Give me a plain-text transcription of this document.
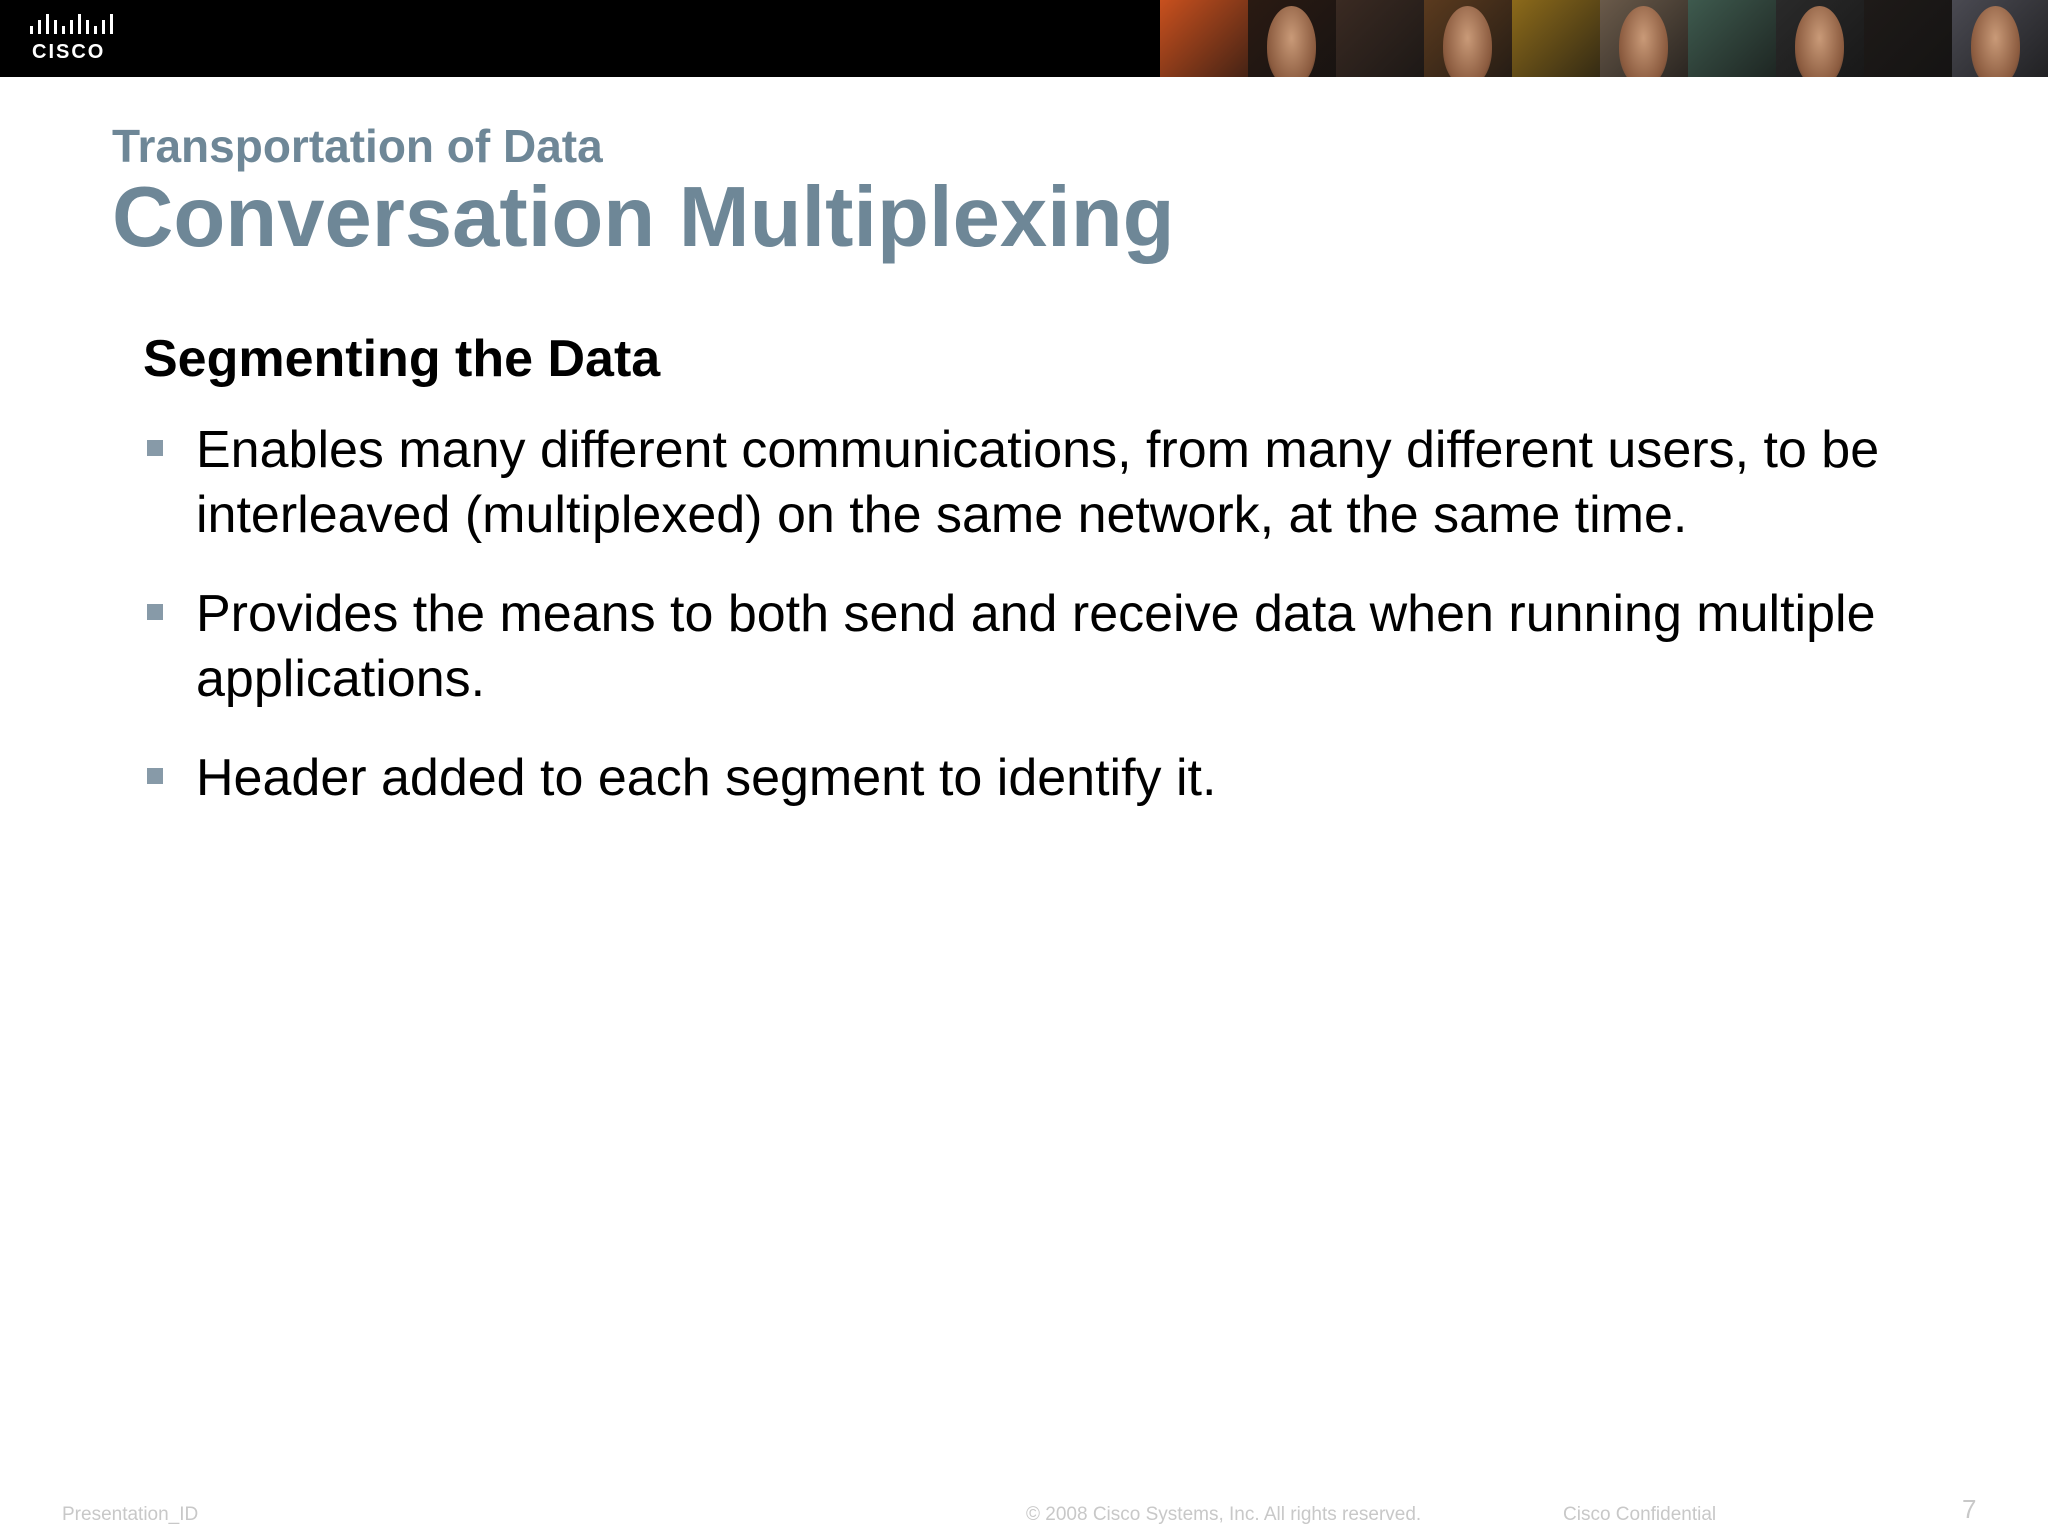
CISCO

Transportation of Data

Conversation Multiplexing

Segmenting the Data

Enables many different communications, from many different users, to be interleaved (multiplexed) on the same network, at the same time.
Provides the means to both send and receive data when running multiple applications.
Header added to each segment to identify it.
Presentation_ID	© 2008 Cisco Systems, Inc. All rights reserved.	Cisco Confidential	7
